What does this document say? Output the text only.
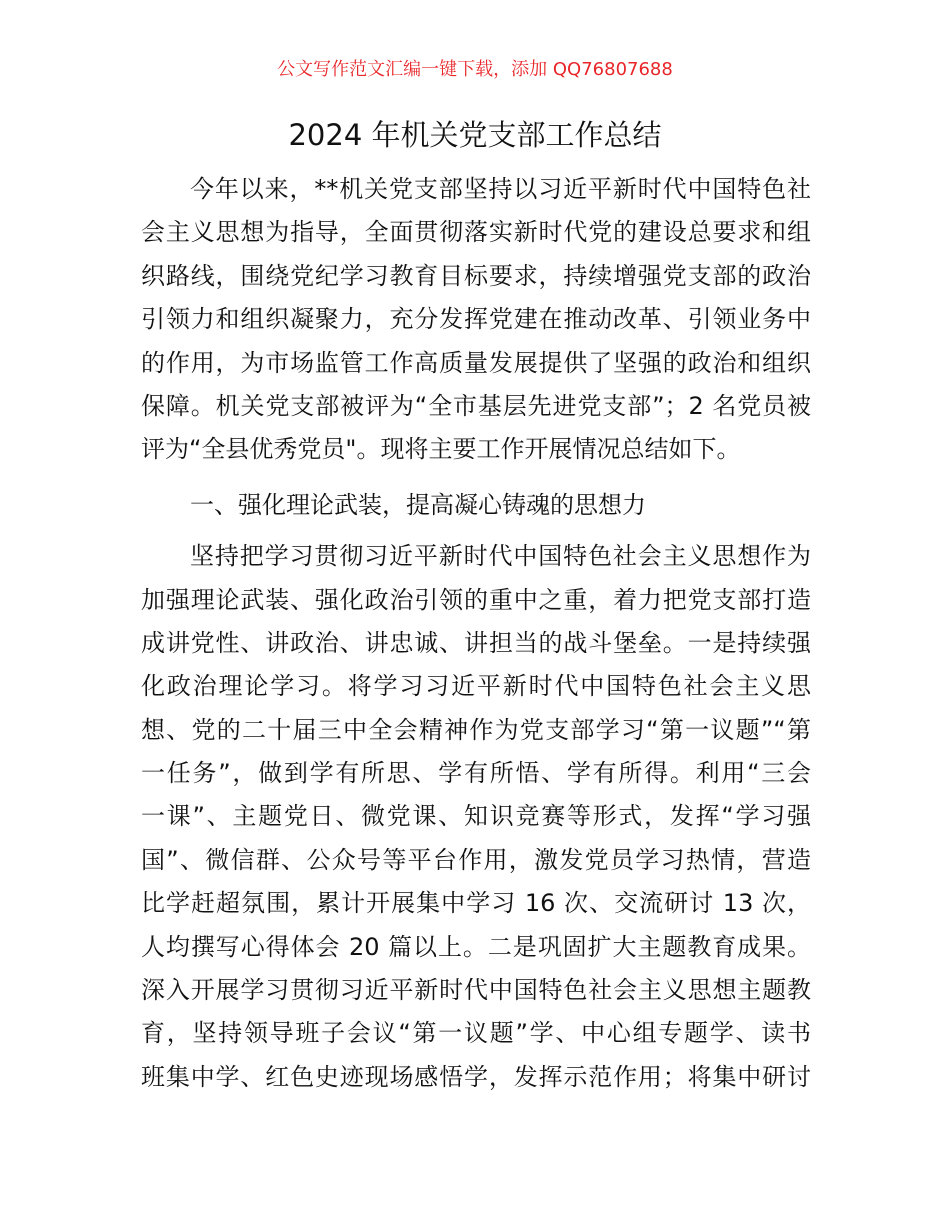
公文写作范文汇编一键下载，添加 QQ76807688
2024 年机关党支部工作总结
今年以来，**机关党支部坚持以习近平新时代中国特色社
会主义思想为指导，全面贯彻落实新时代党的建设总要求和组
织路线，围绕党纪学习教育目标要求，持续增强党支部的政治
引领力和组织凝聚力，充分发挥党建在推动改革、引领业务中
的作用，为市场监管工作高质量发展提供了坚强的政治和组织
保障。机关党支部被评为“全市基层先进党支部”；2 名党员被
评为“全县优秀党员"。现将主要工作开展情况总结如下。
一、强化理论武装，提高凝心铸魂的思想力
坚持把学习贯彻习近平新时代中国特色社会主义思想作为
加强理论武装、强化政治引领的重中之重，着力把党支部打造
成讲党性、讲政治、讲忠诚、讲担当的战斗堡垒。一是持续强
化政治理论学习。将学习习近平新时代中国特色社会主义思
想、党的二十届三中全会精神作为党支部学习“第一议题”“第
一任务”，做到学有所思、学有所悟、学有所得。利用“三会
一课”、主题党日、微党课、知识竞赛等形式，发挥“学习强
国”、微信群、公众号等平台作用，激发党员学习热情，营造
比学赶超氛围，累计开展集中学习 16 次、交流研讨 13 次，
人均撰写心得体会 20 篇以上。二是巩固扩大主题教育成果。
深入开展学习贯彻习近平新时代中国特色社会主义思想主题教
育，坚持领导班子会议“第一议题”学、中心组专题学、读书
班集中学、红色史迹现场感悟学，发挥示范作用；将集中研讨
